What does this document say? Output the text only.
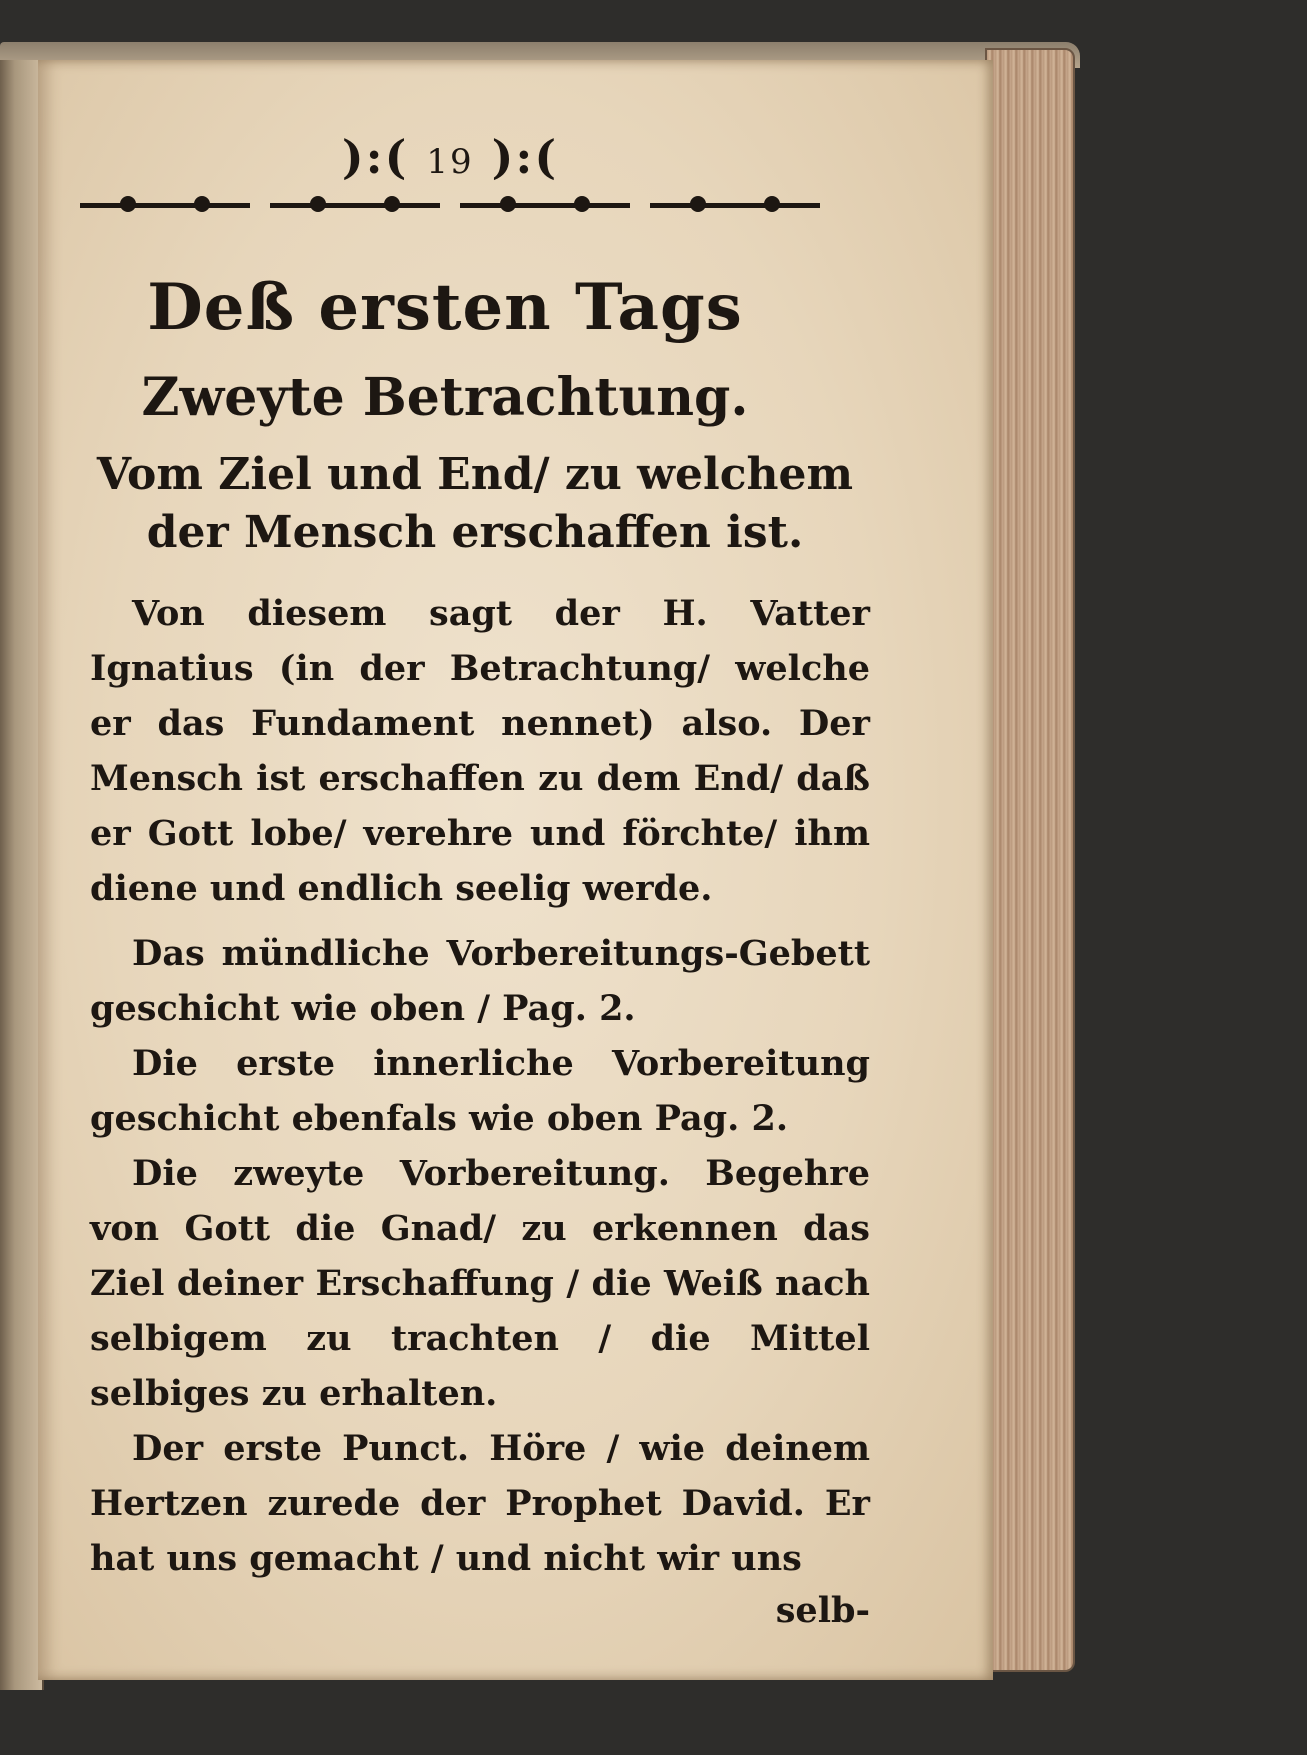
):( 19 ):(
Deß ersten Tags
Zweyte Betrachtung.
Vom Ziel und End/ zu welchem
der Mensch erschaffen ist.

Von diesem sagt der H. Vatter Ignatius (in der Betrachtung/ welche er das Fundament nennet) also. Der Mensch ist erschaffen zu dem End/ daß er Gott lobe/ verehre und förchte/ ihm diene und endlich seelig werde.

Das mündliche Vorbereitungs-Gebett geschicht wie oben / Pag. 2.

Die erste innerliche Vorbereitung geschicht ebenfals wie oben Pag. 2.

Die zweyte Vorbereitung. Begehre von Gott die Gnad/ zu erkennen das Ziel deiner Erschaffung / die Weiß nach selbigem zu trachten / die Mittel selbiges zu erhalten.

Der erste Punct. Höre / wie deinem Hertzen zurede der Prophet David. Er hat uns gemacht / und nicht wir uns

selb-
